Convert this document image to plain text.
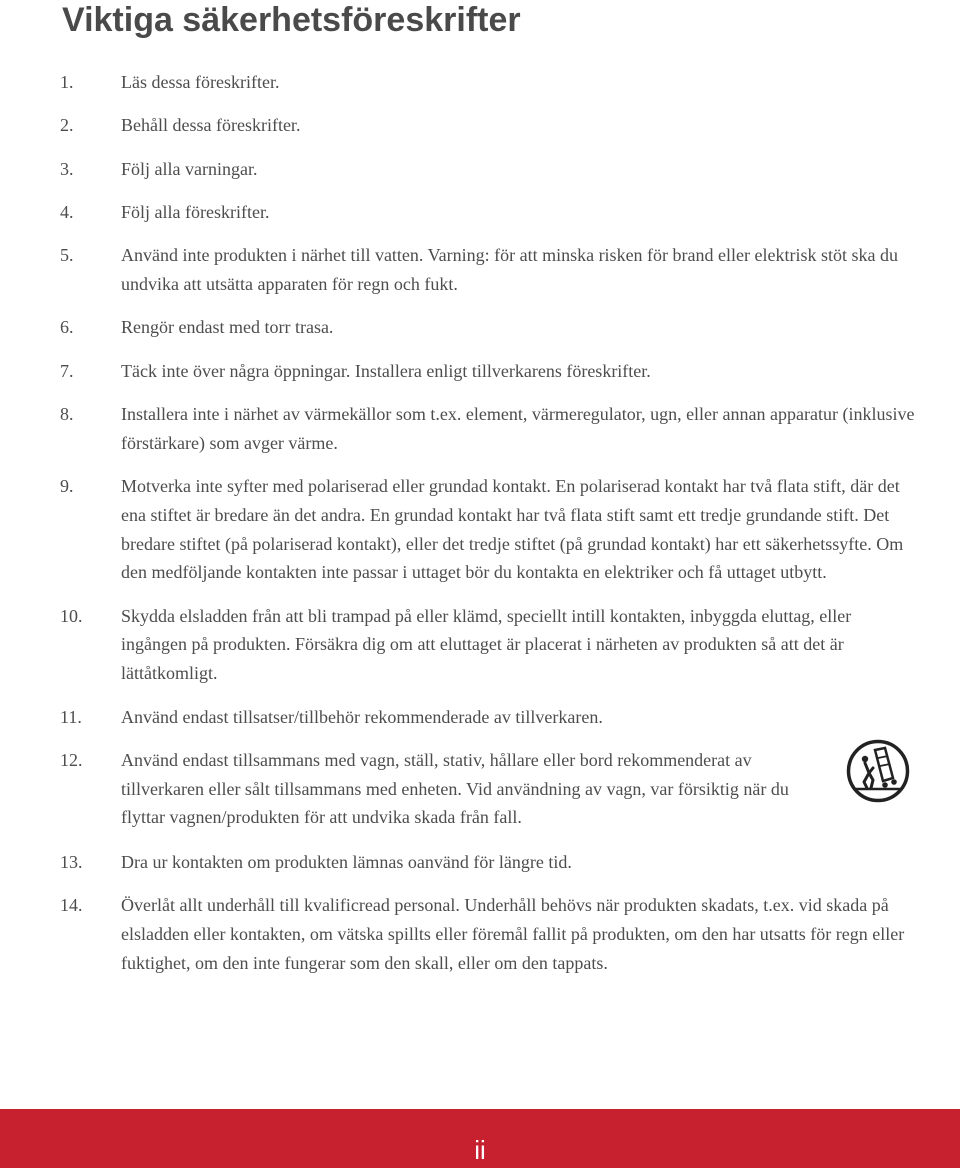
Viktiga säkerhetsföreskrifter
1.	Läs dessa föreskrifter.
2.	Behåll dessa föreskrifter.
3.	Följ alla varningar.
4.	Följ alla föreskrifter.
5.	Använd inte produkten i närhet till vatten. Varning: för att minska risken för brand eller elektrisk stöt ska du undvika att utsätta apparaten för regn och fukt.
6.	Rengör endast med torr trasa.
7.	Täck inte över några öppningar. Installera enligt tillverkarens föreskrifter.
8.	Installera inte i närhet av värmekällor som t.ex. element, värmeregulator, ugn, eller annan apparatur (inklusive förstärkare) som avger värme.
9.	Motverka inte syfter med polariserad eller grundad kontakt. En polariserad kontakt har två flata stift, där det ena stiftet är bredare än det andra. En grundad kontakt har två flata stift samt ett tredje grundande stift. Det bredare stiftet (på polariserad kontakt), eller det tredje stiftet (på grundad kontakt) har ett säkerhetssyfte. Om den medföljande kontakten inte passar i uttaget bör du kontakta en elektriker och få uttaget utbytt.
10.	Skydda elsladden från att bli trampad på eller klämd, speciellt intill kontakten, inbyggda eluttag, eller ingången på produkten. Försäkra dig om att eluttaget är placerat i närheten av produkten så att det är lättåtkomligt.
11.	Använd endast tillsatser/tillbehör rekommenderade av tillverkaren.
12.	Använd endast tillsammans med vagn, ställ, stativ, hållare eller bord rekommenderat av tillverkaren eller sålt tillsammans med enheten. Vid användning av vagn, var försiktig när du flyttar vagnen/produkten för att undvika skada från fall.
13.	Dra ur kontakten om produkten lämnas oanvänd för längre tid.
14.	Överlåt allt underhåll till kvalificread personal. Underhåll behövs när produkten skadats, t.ex. vid skada på elsladden eller kontakten, om vätska spillts eller föremål fallit på produkten, om den har utsatts för regn eller fuktighet, om den inte fungerar som den skall, eller om den tappats.
ii
